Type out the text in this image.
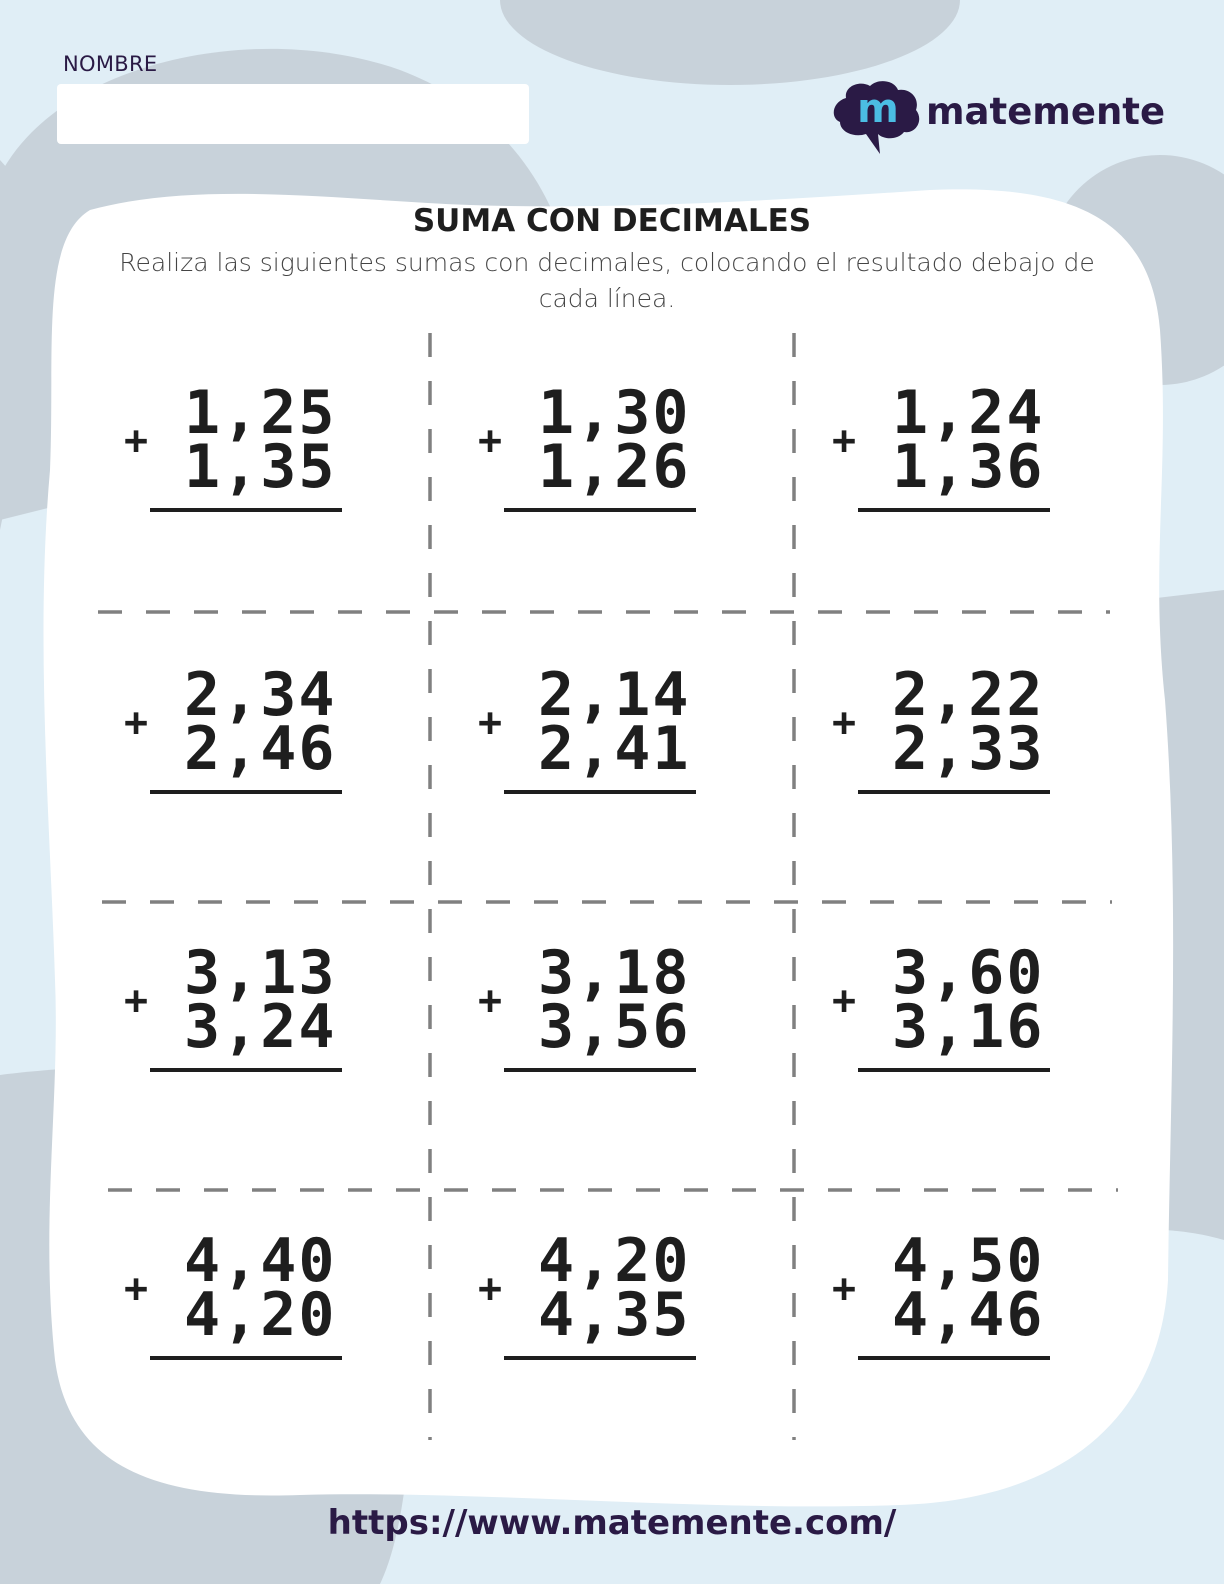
NOMBRE
m matemente
SUMA CON DECIMALES
Realiza las siguientes sumas con decimales, colocando el resultado debajo de cada línea.
+ 1,25
1,35	+ 1,30
1,26	+ 1,24
1,36
+ 2,34
2,46	+ 2,14
2,41	+ 2,22
2,33
+ 3,13
3,24	+ 3,18
3,56	+ 3,60
3,16
+ 4,40
4,20	+ 4,20
4,35	+ 4,50
4,46
https://www.matemente.com/
